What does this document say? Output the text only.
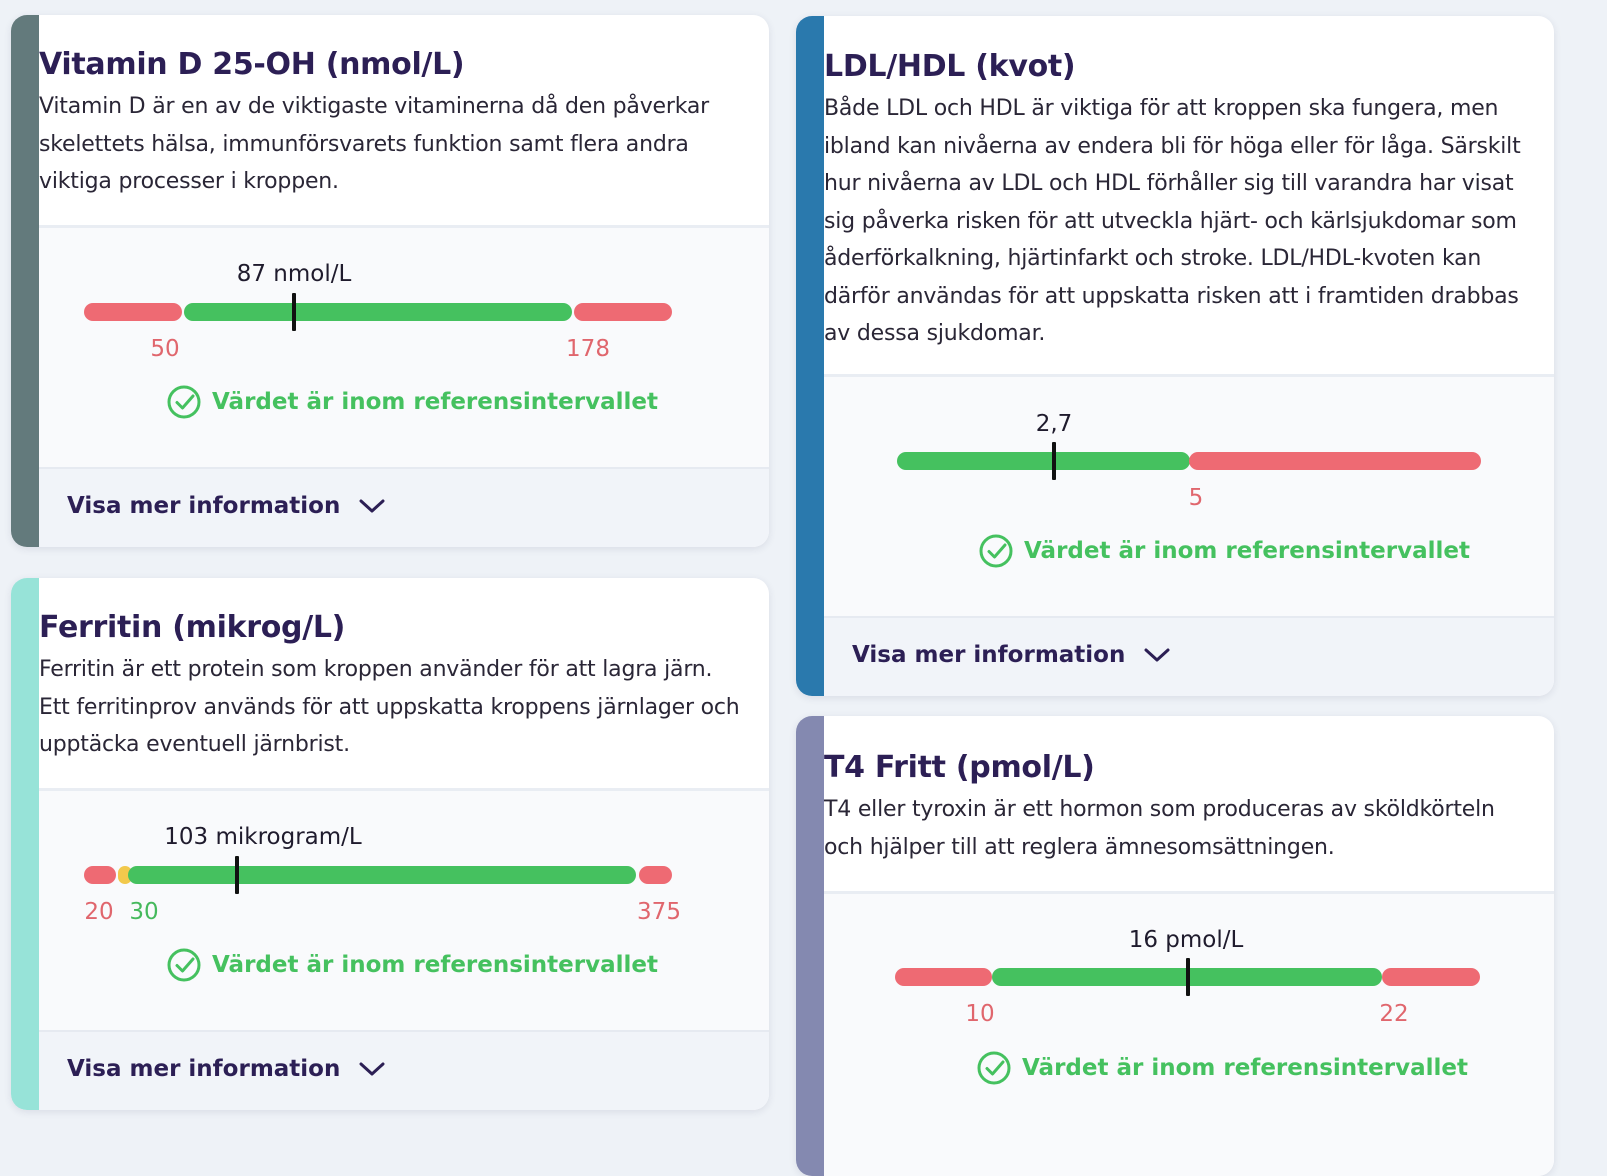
Vitamin D 25-OH (nmol/L)
Vitamin D är en av de viktigaste vitaminerna då den påverkar skelettets hälsa, immunförsvarets funktion samt flera andra viktiga processer i kroppen.
87 nmol/L
50	178
Värdet är inom referensintervallet
Visa mer information
Ferritin (mikrog/L)
Ferritin är ett protein som kroppen använder för att lagra järn. Ett ferritinprov används för att uppskatta kroppens järnlager och upptäcka eventuell järnbrist.
103 mikrogram/L
20 30	375
Värdet är inom referensintervallet
Visa mer information
LDL/HDL (kvot)
Både LDL och HDL är viktiga för att kroppen ska fungera, men ibland kan nivåerna av endera bli för höga eller för låga. Särskilt hur nivåerna av LDL och HDL förhåller sig till varandra har visat sig påverka risken för att utveckla hjärt- och kärlsjukdomar som åderförkalkning, hjärtinfarkt och stroke. LDL/HDL-kvoten kan därför användas för att uppskatta risken att i framtiden drabbas av dessa sjukdomar.
2,7
5
Värdet är inom referensintervallet
Visa mer information
T4 Fritt (pmol/L)
T4 eller tyroxin är ett hormon som produceras av sköldkörteln och hjälper till att reglera ämnesomsättningen.
16 pmol/L
10	22
Värdet är inom referensintervallet
